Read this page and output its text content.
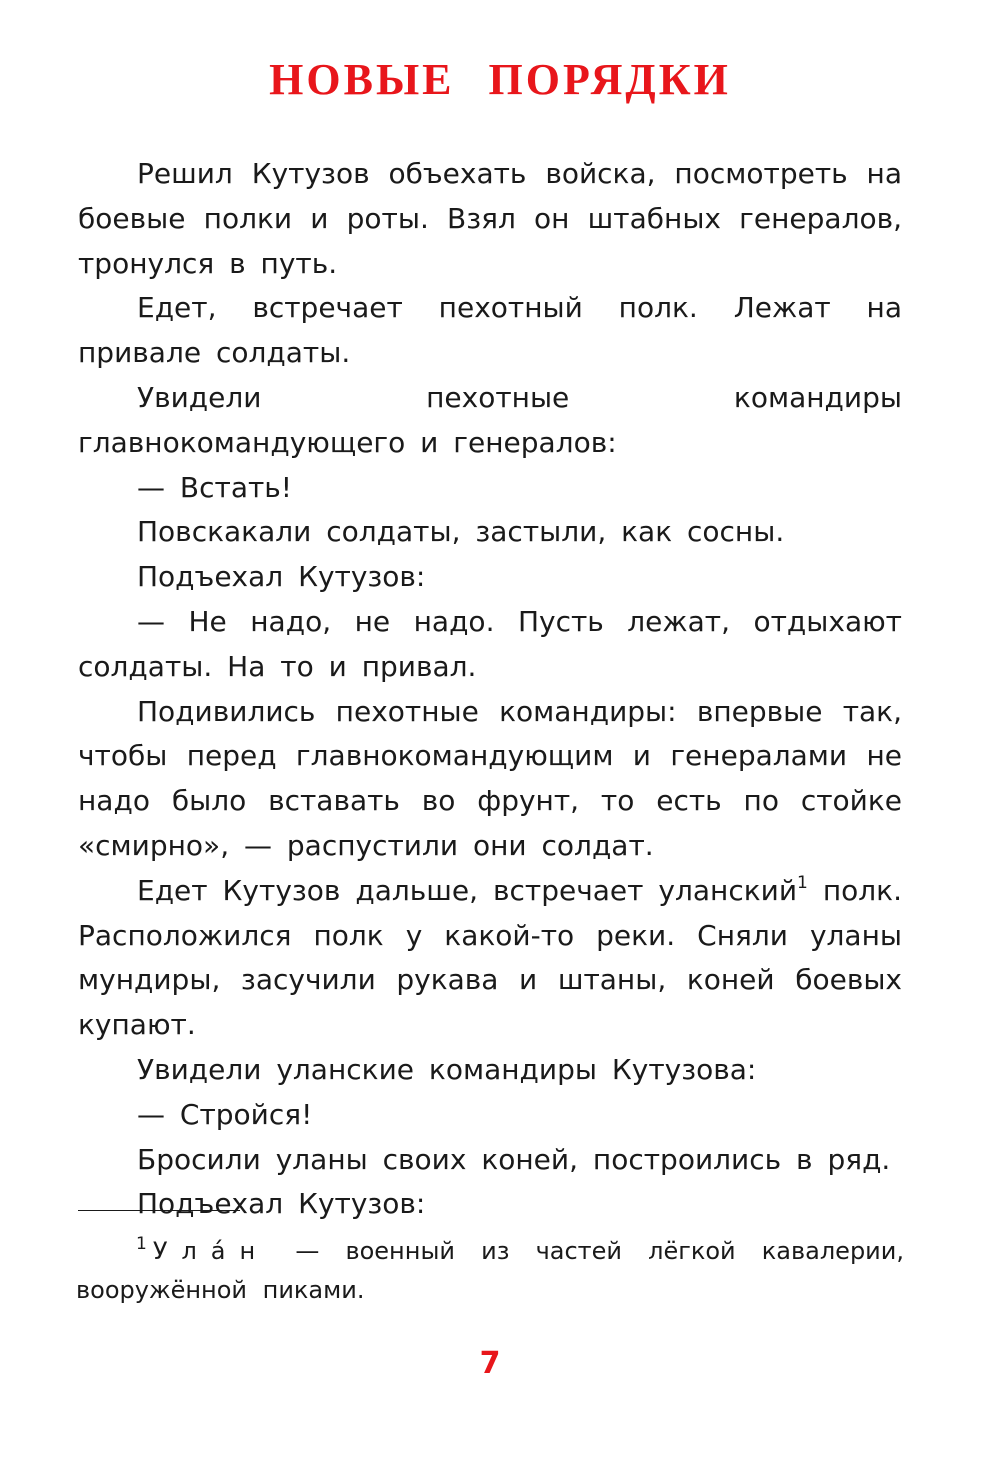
НОВЫЕ ПОРЯДКИ

Решил Кутузов объехать войска, посмотреть на боевые полки и роты. Взял он штабных генералов, тронулся в путь.

Едет, встречает пехотный полк. Лежат на привале солдаты.

Увидели пехотные командиры главнокомандующего и генералов:

— Встать!

Повскакали солдаты, застыли, как сосны.

Подъехал Кутузов:

— Не надо, не надо. Пусть лежат, отдыхают солдаты. На то и привал.

Подивились пехотные командиры: впервые так, чтобы перед главнокомандующим и генералами не надо было вставать во фрунт, то есть по стойке «смирно», — распустили они солдат.

Едет Кутузов дальше, встречает уланский$^1$ полк. Расположился полк у какой-то реки. Сняли уланы мундиры, засучили рукава и штаны, коней боевых купают.

Увидели уланские командиры Кутузова:

— Стройся!

Бросили уланы своих коней, построились в ряд.

Подъехал Кутузов:

$^1$ Ула́н — военный из частей лёгкой кавалерии, вооружённой пиками.

7
